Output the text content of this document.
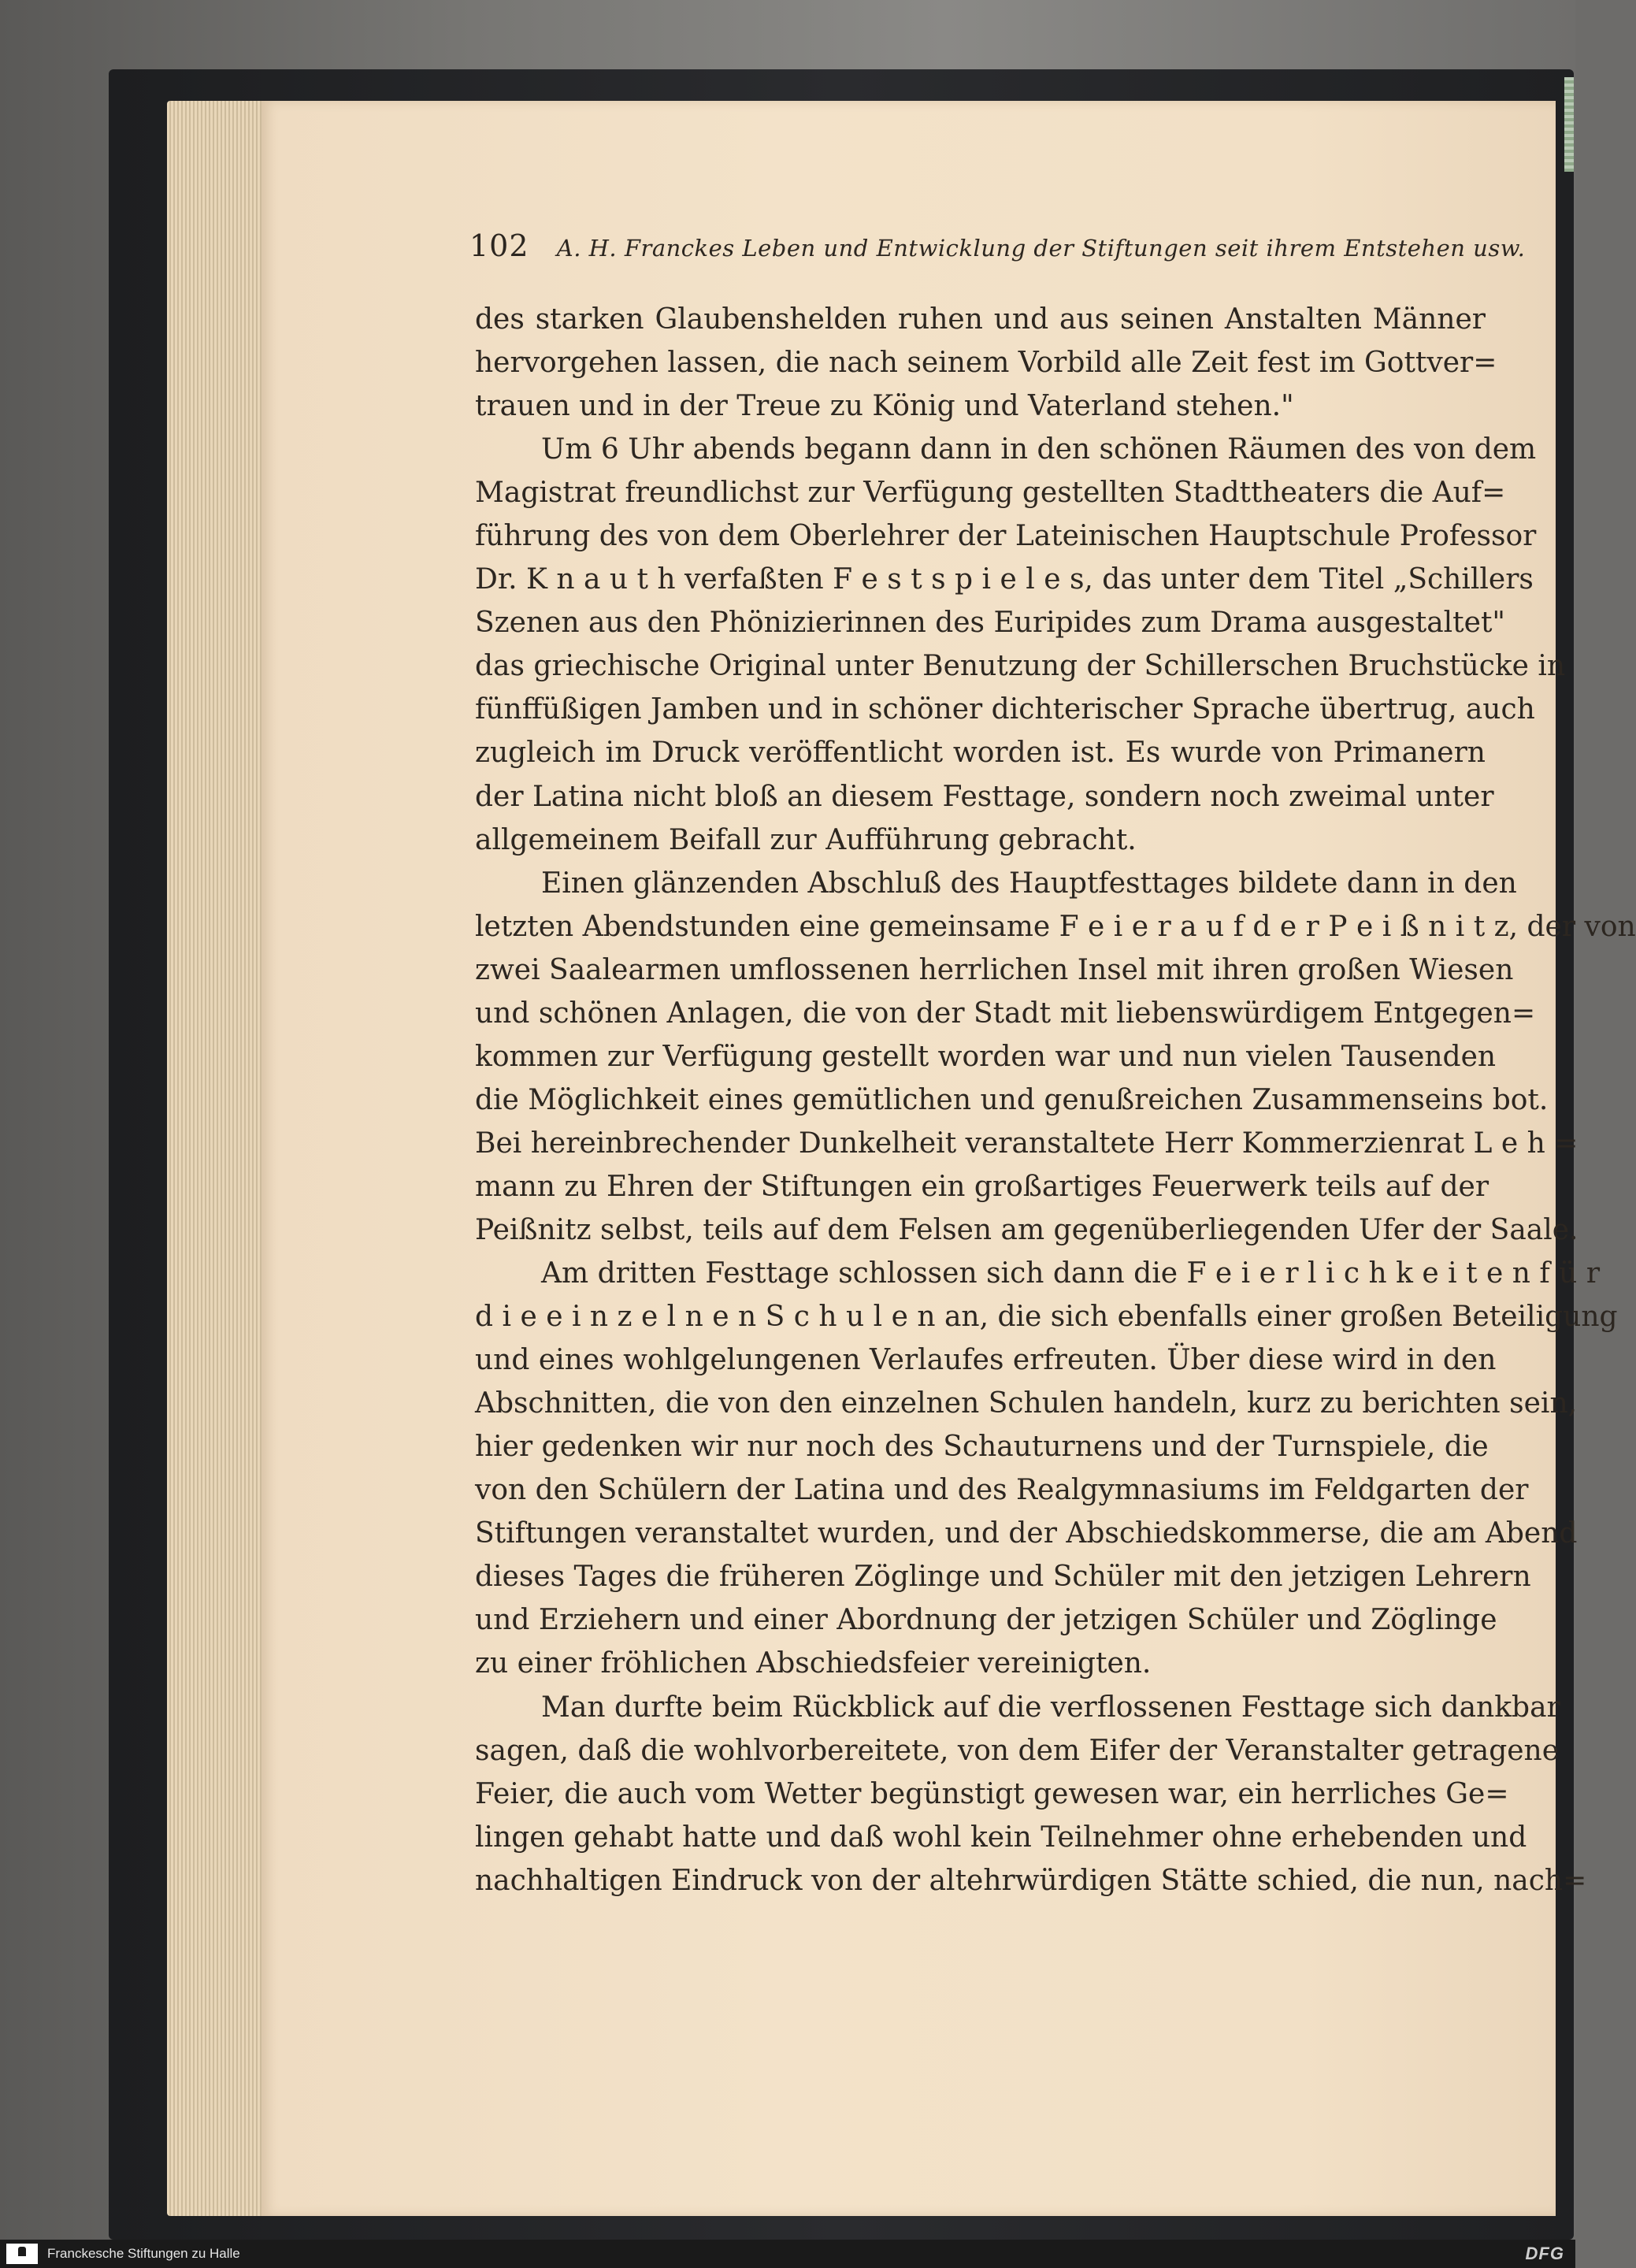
102 A. H. Franckes Leben und Entwicklung der Stiftungen seit ihrem Entstehen usw.
des starken Glaubenshelden ruhen und aus seinen Anstalten Männer
hervorgehen lassen, die nach seinem Vorbild alle Zeit fest im Gottver=
trauen und in der Treue zu König und Vaterland stehen."
Um 6 Uhr abends begann dann in den schönen Räumen des von dem
Magistrat freundlichst zur Verfügung gestellten Stadttheaters die Auf=
führung des von dem Oberlehrer der Lateinischen Hauptschule Professor
Dr. K n a u t h verfaßten F e s t s p i e l e s, das unter dem Titel „Schillers
Szenen aus den Phönizierinnen des Euripides zum Drama ausgestaltet"
das griechische Original unter Benutzung der Schillerschen Bruchstücke in
fünffüßigen Jamben und in schöner dichterischer Sprache übertrug, auch
zugleich im Druck veröffentlicht worden ist. Es wurde von Primanern
der Latina nicht bloß an diesem Festtage, sondern noch zweimal unter
allgemeinem Beifall zur Aufführung gebracht.
Einen glänzenden Abschluß des Hauptfesttages bildete dann in den
letzten Abendstunden eine gemeinsame F e i e r a u f d e r P e i ß n i t z, der von
zwei Saalearmen umflossenen herrlichen Insel mit ihren großen Wiesen
und schönen Anlagen, die von der Stadt mit liebenswürdigem Entgegen=
kommen zur Verfügung gestellt worden war und nun vielen Tausenden
die Möglichkeit eines gemütlichen und genußreichen Zusammenseins bot.
Bei hereinbrechender Dunkelheit veranstaltete Herr Kommerzienrat L e h =
mann zu Ehren der Stiftungen ein großartiges Feuerwerk teils auf der
Peißnitz selbst, teils auf dem Felsen am gegenüberliegenden Ufer der Saale.
Am dritten Festtage schlossen sich dann die F e i e r l i c h k e i t e n f ü r
d i e e i n z e l n e n S c h u l e n an, die sich ebenfalls einer großen Beteiligung
und eines wohlgelungenen Verlaufes erfreuten. Über diese wird in den
Abschnitten, die von den einzelnen Schulen handeln, kurz zu berichten sein,
hier gedenken wir nur noch des Schauturnens und der Turnspiele, die
von den Schülern der Latina und des Realgymnasiums im Feldgarten der
Stiftungen veranstaltet wurden, und der Abschiedskommerse, die am Abend
dieses Tages die früheren Zöglinge und Schüler mit den jetzigen Lehrern
und Erziehern und einer Abordnung der jetzigen Schüler und Zöglinge
zu einer fröhlichen Abschiedsfeier vereinigten.
Man durfte beim Rückblick auf die verflossenen Festtage sich dankbar
sagen, daß die wohlvorbereitete, von dem Eifer der Veranstalter getragene
Feier, die auch vom Wetter begünstigt gewesen war, ein herrliches Ge=
lingen gehabt hatte und daß wohl kein Teilnehmer ohne erhebenden und
nachhaltigen Eindruck von der altehrwürdigen Stätte schied, die nun, nach=
Franckesche Stiftungen zu Halle	DFG
